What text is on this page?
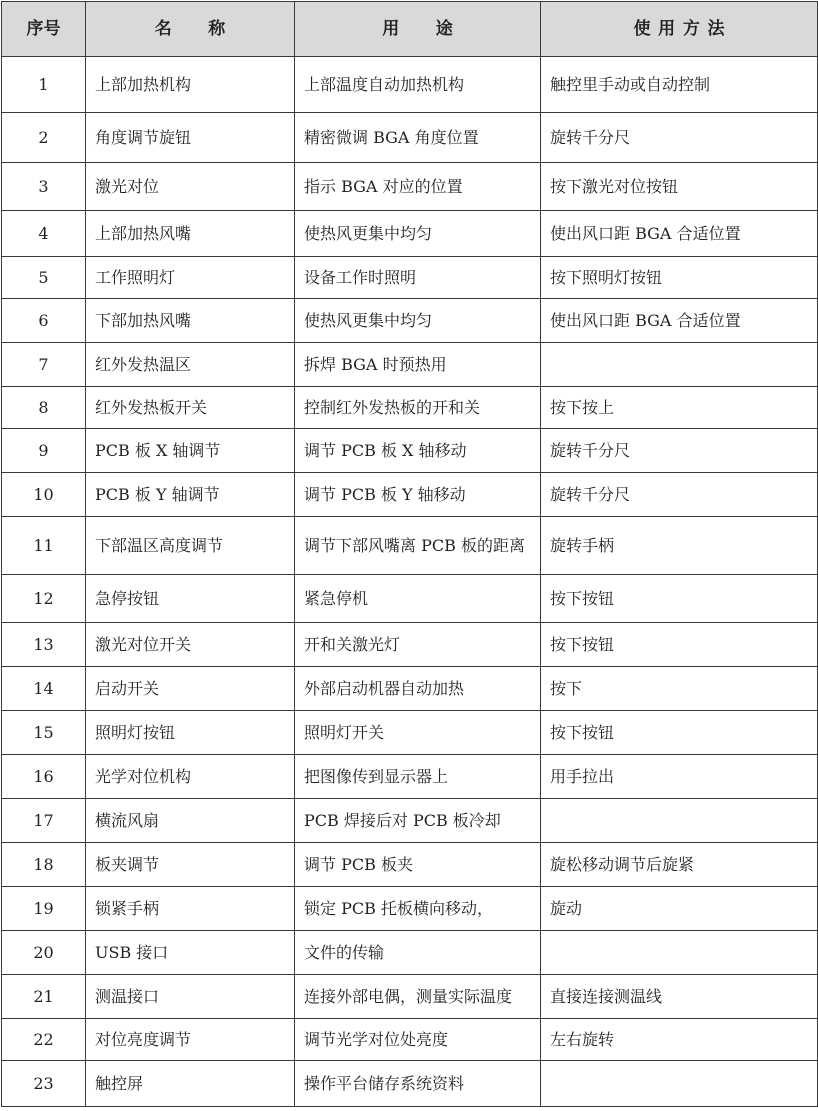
序号	名 称	用 途	使用方法
1	上部加热机构	上部温度自动加热机构	触控里手动或自动控制
2	角度调节旋钮	精密微调 BGA 角度位置	旋转千分尺
3	激光对位	指示 BGA 对应的位置	按下激光对位按钮
4	上部加热风嘴	使热风更集中均匀	使出风口距 BGA 合适位置
5	工作照明灯	设备工作时照明	按下照明灯按钮
6	下部加热风嘴	使热风更集中均匀	使出风口距 BGA 合适位置
7	红外发热温区	拆焊 BGA 时预热用	
8	红外发热板开关	控制红外发热板的开和关	按下按上
9	PCB 板 X 轴调节	调节 PCB 板 X 轴移动	旋转千分尺
10	PCB 板 Y 轴调节	调节 PCB 板 Y 轴移动	旋转千分尺
11	下部温区高度调节	调节下部风嘴离 PCB 板的距离	旋转手柄
12	急停按钮	紧急停机	按下按钮
13	激光对位开关	开和关激光灯	按下按钮
14	启动开关	外部启动机器自动加热	按下
15	照明灯按钮	照明灯开关	按下按钮
16	光学对位机构	把图像传到显示器上	用手拉出
17	横流风扇	PCB 焊接后对 PCB 板冷却	
18	板夹调节	调节 PCB 板夹	旋松移动调节后旋紧
19	锁紧手柄	锁定 PCB 托板横向移动，	旋动
20	USB 接口	文件的传输	
21	测温接口	连接外部电偶，测量实际温度	直接连接测温线
22	对位亮度调节	调节光学对位处亮度	左右旋转
23	触控屏	操作平台储存系统资料	
